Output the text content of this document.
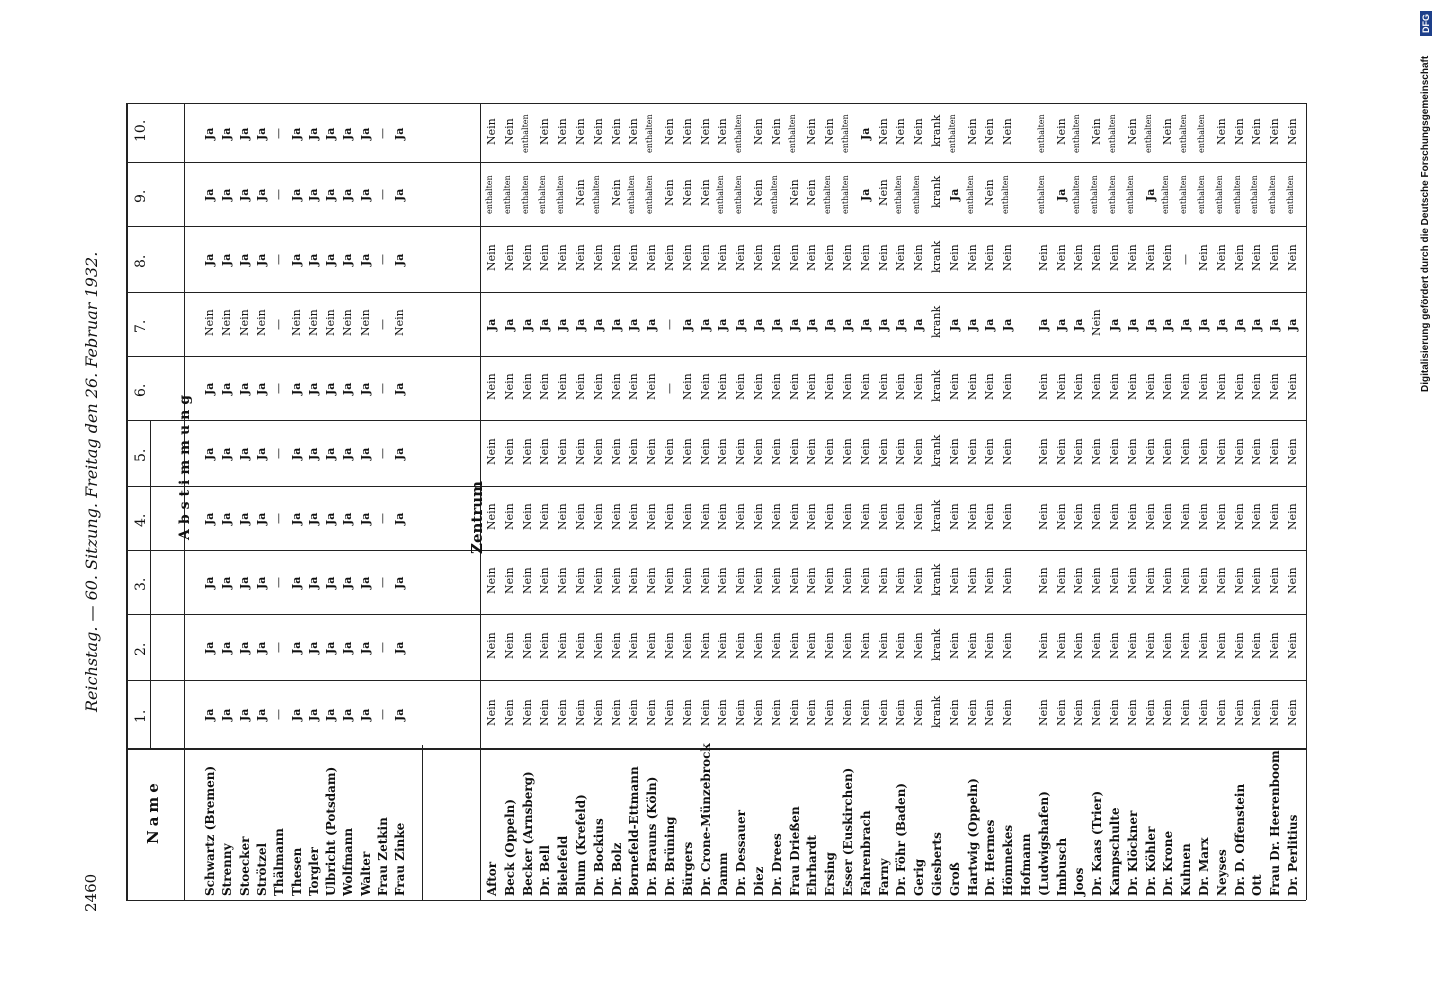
2460
Reichstag. — 60. Sitzung. Freitag den 26. Februar 1932.
Digitalisierung gefördert durch die Deutsche Forschungsgemeinschaft
DFG
Name
Abstimmung
1.
2.
3.
4.
5.
6.
7.
8.
9.
10.
Zentrum
Schwartz (Bremen)
Ja
Ja
Ja
Ja
Ja
Ja
Nein
Ja
Ja
Ja
Strenny
Ja
Ja
Ja
Ja
Ja
Ja
Nein
Ja
Ja
Ja
Stoecker
Ja
Ja
Ja
Ja
Ja
Ja
Nein
Ja
Ja
Ja
Strötzel
Ja
Ja
Ja
Ja
Ja
Ja
Nein
Ja
Ja
Ja
Thälmann
—
—
—
—
—
—
—
—
—
—
Thesen
Ja
Ja
Ja
Ja
Ja
Ja
Nein
Ja
Ja
Ja
Torgler
Ja
Ja
Ja
Ja
Ja
Ja
Nein
Ja
Ja
Ja
Ulbricht (Potsdam)
Ja
Ja
Ja
Ja
Ja
Ja
Nein
Ja
Ja
Ja
Wolfmann
Ja
Ja
Ja
Ja
Ja
Ja
Nein
Ja
Ja
Ja
Walter
Ja
Ja
Ja
Ja
Ja
Ja
Nein
Ja
Ja
Ja
Frau Zetkin
—
—
—
—
—
—
—
—
—
—
Frau Zinke
Ja
Ja
Ja
Ja
Ja
Ja
Nein
Ja
Ja
Ja
Aftor
Nein
Nein
Nein
Nein
Nein
Nein
Ja
Nein
enthalten
Nein
Beck (Oppeln)
Nein
Nein
Nein
Nein
Nein
Nein
Ja
Nein
enthalten
Nein
Becker (Arnsberg)
Nein
Nein
Nein
Nein
Nein
Nein
Ja
Nein
enthalten
enthalten
Dr. Bell
Nein
Nein
Nein
Nein
Nein
Nein
Ja
Nein
enthalten
Nein
Bielefeld
Nein
Nein
Nein
Nein
Nein
Nein
Ja
Nein
enthalten
Nein
Blum (Krefeld)
Nein
Nein
Nein
Nein
Nein
Nein
Ja
Nein
Nein
Nein
Dr. Bockius
Nein
Nein
Nein
Nein
Nein
Nein
Ja
Nein
enthalten
Nein
Dr. Bolz
Nein
Nein
Nein
Nein
Nein
Nein
Ja
Nein
Nein
Nein
Bornefeld-Ettmann
Nein
Nein
Nein
Nein
Nein
Nein
Ja
Nein
enthalten
Nein
Dr. Brauns (Köln)
Nein
Nein
Nein
Nein
Nein
Nein
Ja
Nein
enthalten
enthalten
Dr. Brüning
Nein
Nein
Nein
Nein
Nein
—
—
Nein
Nein
Nein
Bürgers
Nein
Nein
Nein
Nein
Nein
Nein
Ja
Nein
Nein
Nein
Dr. Crone-Münzebrock
Nein
Nein
Nein
Nein
Nein
Nein
Ja
Nein
Nein
Nein
Damm
Nein
Nein
Nein
Nein
Nein
Nein
Ja
Nein
enthalten
Nein
Dr. Dessauer
Nein
Nein
Nein
Nein
Nein
Nein
Ja
Nein
enthalten
enthalten
Diez
Nein
Nein
Nein
Nein
Nein
Nein
Ja
Nein
Nein
Nein
Dr. Drees
Nein
Nein
Nein
Nein
Nein
Nein
Ja
Nein
enthalten
Nein
Frau Drießen
Nein
Nein
Nein
Nein
Nein
Nein
Ja
Nein
Nein
enthalten
Ehrhardt
Nein
Nein
Nein
Nein
Nein
Nein
Ja
Nein
Nein
Nein
Ersing
Nein
Nein
Nein
Nein
Nein
Nein
Ja
Nein
enthalten
Nein
Esser (Euskirchen)
Nein
Nein
Nein
Nein
Nein
Nein
Ja
Nein
enthalten
enthalten
Fahrenbrach
Nein
Nein
Nein
Nein
Nein
Nein
Ja
Nein
Ja
Ja
Farny
Nein
Nein
Nein
Nein
Nein
Nein
Ja
Nein
Nein
Nein
Dr. Föhr (Baden)
Nein
Nein
Nein
Nein
Nein
Nein
Ja
Nein
enthalten
Nein
Gerig
Nein
Nein
Nein
Nein
Nein
Nein
Ja
Nein
enthalten
Nein
Giesberts
krank
krank
krank
krank
krank
krank
krank
krank
krank
krank
Groß
Nein
Nein
Nein
Nein
Nein
Nein
Ja
Nein
Ja
enthalten
Hartwig (Oppeln)
Nein
Nein
Nein
Nein
Nein
Nein
Ja
Nein
enthalten
Nein
Dr. Hermes
Nein
Nein
Nein
Nein
Nein
Nein
Ja
Nein
Nein
Nein
Hömnekes
Nein
Nein
Nein
Nein
Nein
Nein
Ja
Nein
enthalten
Nein
Hofmann (Ludwigshafen)
Nein
Nein
Nein
Nein
Nein
Nein
Ja
Nein
enthalten
enthalten
Imbusch
Nein
Nein
Nein
Nein
Nein
Nein
Ja
Nein
Ja
Nein
Joos
Nein
Nein
Nein
Nein
Nein
Nein
Ja
Nein
enthalten
enthalten
Dr. Kaas (Trier)
Nein
Nein
Nein
Nein
Nein
Nein
Nein
Nein
enthalten
Nein
Kampschulte
Nein
Nein
Nein
Nein
Nein
Nein
Ja
Nein
enthalten
enthalten
Dr. Klöckner
Nein
Nein
Nein
Nein
Nein
Nein
Ja
Nein
enthalten
Nein
Dr. Köhler
Nein
Nein
Nein
Nein
Nein
Nein
Ja
Nein
Ja
enthalten
Dr. Krone
Nein
Nein
Nein
Nein
Nein
Nein
Ja
Nein
enthalten
Nein
Kuhnen
Nein
Nein
Nein
Nein
Nein
Nein
Ja
—
enthalten
enthalten
Dr. Marx
Nein
Nein
Nein
Nein
Nein
Nein
Ja
Nein
enthalten
enthalten
Neyses
Nein
Nein
Nein
Nein
Nein
Nein
Ja
Nein
enthalten
Nein
Dr. D. Offenstein
Nein
Nein
Nein
Nein
Nein
Nein
Ja
Nein
enthalten
Nein
Ott
Nein
Nein
Nein
Nein
Nein
Nein
Ja
Nein
enthalten
Nein
Frau Dr. Heerenboom
Nein
Nein
Nein
Nein
Nein
Nein
Ja
Nein
enthalten
Nein
Dr. Perlitius
Nein
Nein
Nein
Nein
Nein
Nein
Ja
Nein
enthalten
Nein
